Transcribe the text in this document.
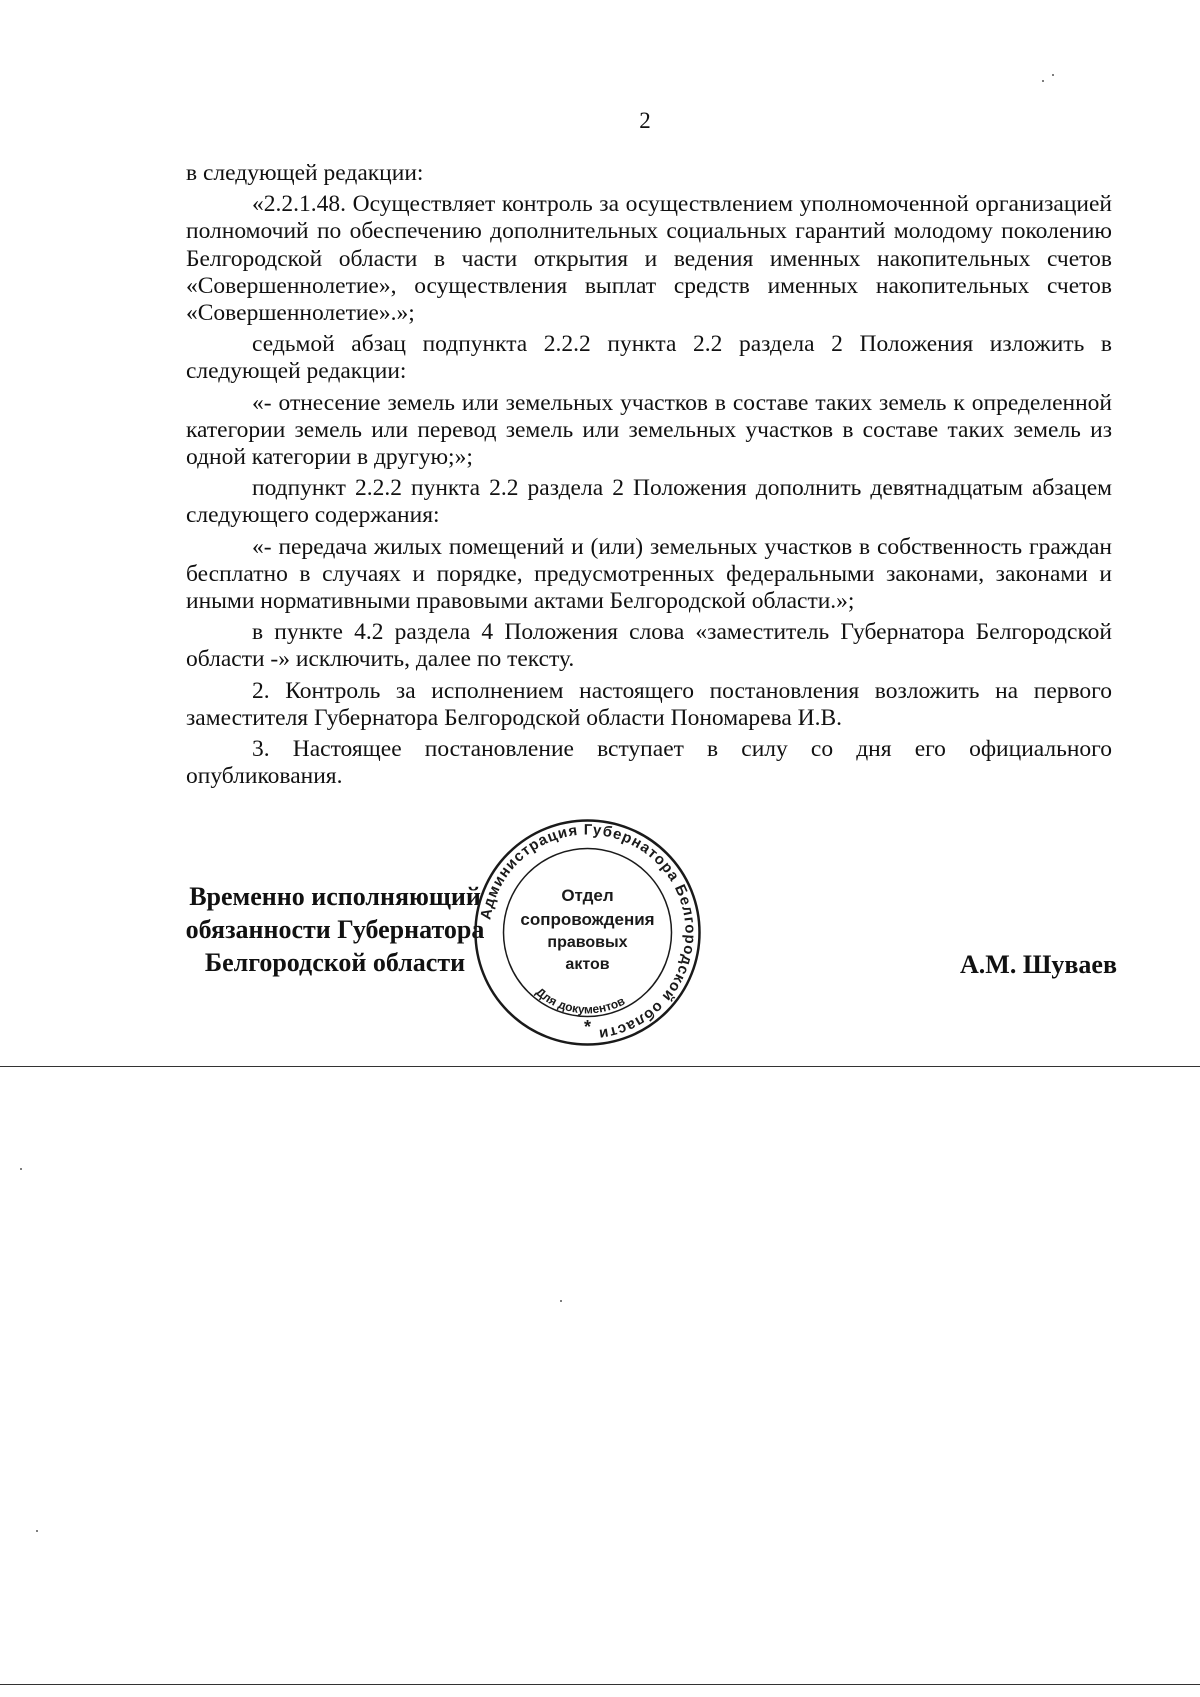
2

в следующей редакции:

«2.2.1.48. Осуществляет контроль за осуществлением уполномоченной организацией полномочий по обеспечению дополнительных социальных гарантий молодому поколению Белгородской области в части открытия и ведения именных накопительных счетов «Совершеннолетие», осуществления выплат средств именных накопительных счетов «Совершеннолетие».»;

седьмой абзац подпункта 2.2.2 пункта 2.2 раздела 2 Положения изложить в следующей редакции:

«- отнесение земель или земельных участков в составе таких земель к определенной категории земель или перевод земель или земельных участков в составе таких земель из одной категории в другую;»;

подпункт 2.2.2 пункта 2.2 раздела 2 Положения дополнить девятнадцатым абзацем следующего содержания:

«- передача жилых помещений и (или) земельных участков в собственность граждан бесплатно в случаях и порядке, предусмотренных федеральными законами, законами и иными нормативными правовыми актами Белгородской области.»;

в пункте 4.2 раздела 4 Положения слова «заместитель Губернатора Белгородской области -» исключить, далее по тексту.

2. Контроль за исполнением настоящего постановления возложить на первого заместителя Губернатора Белгородской области Пономарева И.В.

3. Настоящее постановление вступает в силу со дня его официального опубликования.

Временно исполняющий
обязанности Губернатора
Белгородской области	А.М. Шуваев
Администрация Губернатора Белгородской области
Отдел
сопровождения
правовых
актов
Для документов
*
